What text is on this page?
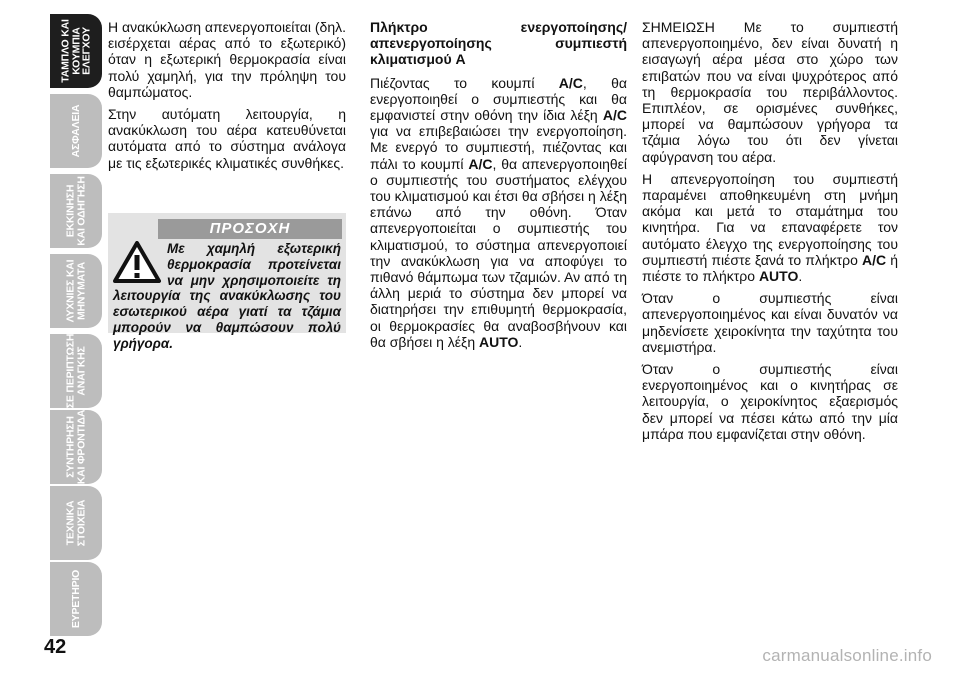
ΤΑΜΠΛΟ ΚΑΙ
ΚΟΥΜΠΙΑ
ΕΛΕΓΧΟΥ
ΑΣΦΑΛΕΙΑ
ΕΚΚΙΝΗΣΗ
ΚΑΙ ΟΔΗΓΗΣΗ
ΛΥΧΝΙΕΣ ΚΑΙ
ΜΗΝΥΜΑΤΑ
ΣΕ ΠΕΡΙΠΤΩΣΗ
ΑΝΑΓΚΗΣ
ΣΥΝΤΗΡΗΣΗ
ΚΑΙ ΦΡΟΝΤΙΔΑ
ΤΕΧΝΙΚΑ
ΣΤΟΙΧΕΙΑ
ΕΥΡΕΤΗΡΙΟ
42

Η ανακύκλωση απενεργοποιείται (δηλ. εισέρχεται αέρας από το εξωτερικό) όταν η εξωτερική θερμοκρασία είναι πολύ χαμηλή, για την πρόληψη του θαμπώματος.

Στην αυτόματη λειτουργία, η ανακύκλωση του αέρα κατευθύνεται αυτόματα από το σύστημα ανάλογα με τις εξωτερικές κλιματικές συνθήκες.

ΠΡΟΣΟΧΗ
Με χαμηλή εξωτερική θερμοκρασία προτείνεται να μην χρησιμοποιείτε τη λειτουργία της ανακύκλωσης του εσωτερικού αέρα γιατί τα τζάμια μπορούν να θαμπώσουν πολύ γρήγορα.
Πλήκτρο ενεργοποίησης/ απενεργοποίησης συμπιεστή κλιματισμού A

Πιέζοντας το κουμπί A/C, θα ενεργοποιηθεί ο συμπιεστής και θα εμφανιστεί στην οθόνη την ίδια λέξη A/C για να επιβεβαιώσει την ενεργοποίηση. Με ενεργό το συμπιεστή, πιέζοντας και πάλι το κουμπί A/C, θα απενεργοποιηθεί ο συμπιεστής του συστήματος ελέγχου του κλιματισμού και έτσι θα σβήσει η λέξη επάνω από την οθόνη. Όταν απενεργοποιείται ο συμπιεστής του κλιματισμού, το σύστημα απενεργοποιεί την ανακύκλωση για να αποφύγει το πιθανό θάμπωμα των τζαμιών. Αν από τη άλλη μεριά το σύστημα δεν μπορεί να διατηρήσει την επιθυμητή θερμοκρασία, οι θερμοκρασίες θα αναβοσβήνουν και θα σβήσει η λέξη AUTO.

ΣΗΜΕΙΩΣΗ Με το συμπιεστή απενεργοποιημένο, δεν είναι δυνατή η εισαγωγή αέρα μέσα στο χώρο των επιβατών που να είναι ψυχρότερος από τη θερμοκρασία του περιβάλλοντος. Επιπλέον, σε ορισμένες συνθήκες, μπορεί να θαμπώσουν γρήγορα τα τζάμια λόγω του ότι δεν γίνεται αφύγρανση του αέρα.

Η απενεργοποίηση του συμπιεστή παραμένει αποθηκευμένη στη μνήμη ακόμα και μετά το σταμάτημα του κινητήρα. Για να επαναφέρετε τον αυτόματο έλεγχο της ενεργοποίησης του συμπιεστή πιέστε ξανά το πλήκτρο A/C ή πιέστε το πλήκτρο AUTO.

Όταν ο συμπιεστής είναι απενεργοποιημένος και είναι δυνατόν να μηδενίσετε χειροκίνητα την ταχύτητα του ανεμιστήρα.

Όταν ο συμπιεστής είναι ενεργοποιημένος και ο κινητήρας σε λειτουργία, ο χειροκίνητος εξαερισμός δεν μπορεί να πέσει κάτω από την μία μπάρα που εμφανίζεται στην οθόνη.

carmanualsonline.info
